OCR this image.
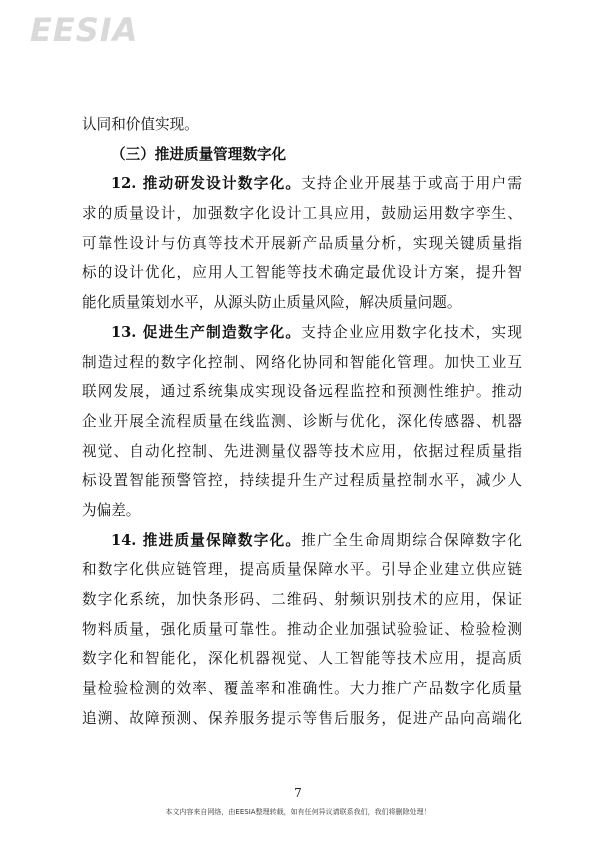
EESIA
认同和价值实现。
（三）推进质量管理数字化
12. 推动研发设计数字化。支持企业开展基于或高于用户需
求的质量设计，加强数字化设计工具应用，鼓励运用数字孪生、
可靠性设计与仿真等技术开展新产品质量分析，实现关键质量指
标的设计优化，应用人工智能等技术确定最优设计方案，提升智
能化质量策划水平，从源头防止质量风险，解决质量问题。
13. 促进生产制造数字化。支持企业应用数字化技术，实现
制造过程的数字化控制、网络化协同和智能化管理。加快工业互
联网发展，通过系统集成实现设备远程监控和预测性维护。推动
企业开展全流程质量在线监测、诊断与优化，深化传感器、机器
视觉、自动化控制、先进测量仪器等技术应用，依据过程质量指
标设置智能预警管控，持续提升生产过程质量控制水平，减少人
为偏差。
14. 推进质量保障数字化。推广全生命周期综合保障数字化
和数字化供应链管理，提高质量保障水平。引导企业建立供应链
数字化系统，加快条形码、二维码、射频识别技术的应用，保证
物料质量，强化质量可靠性。推动企业加强试验验证、检验检测
数字化和智能化，深化机器视觉、人工智能等技术应用，提高质
量检验检测的效率、覆盖率和准确性。大力推广产品数字化质量
追溯、故障预测、保养服务提示等售后服务，促进产品向高端化
7
本文内容来自网络，由EESIA整理转载，如有任何异议请联系我们，我们将删除处理！
